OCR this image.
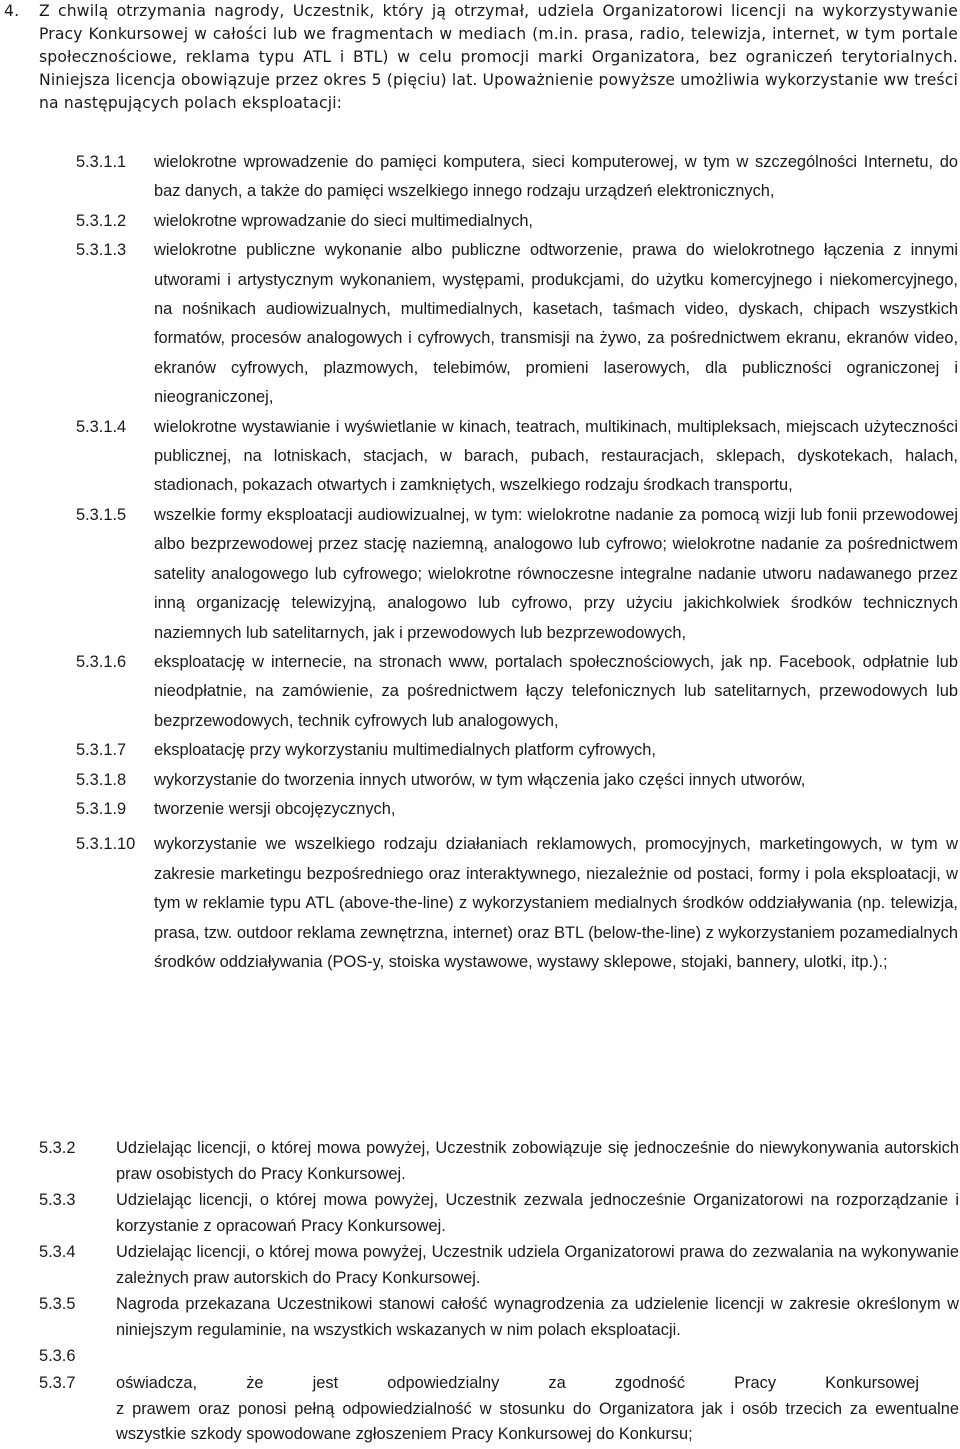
4.	Z chwilą otrzymania nagrody, Uczestnik, który ją otrzymał, udziela Organizatorowi licencji na wykorzystywanie Pracy Konkursowej w całości lub we fragmentach w mediach (m.in. prasa, radio, telewizja, internet, w tym portale społecznościowe, reklama typu ATL i BTL) w celu promocji marki Organizatora, bez ograniczeń terytorialnych. Niniejsza licencja obowiązuje przez okres 5 (pięciu) lat. Upoważnienie powyższe umożliwia wykorzystanie ww treści na następujących polach eksploatacji:
5.3.1.1 wielokrotne wprowadzenie do pamięci komputera, sieci komputerowej, w tym w szczególności Internetu, do baz danych, a także do pamięci wszelkiego innego rodzaju urządzeń elektronicznych,
5.3.1.2 wielokrotne wprowadzanie do sieci multimedialnych,
5.3.1.3 wielokrotne publiczne wykonanie albo publiczne odtworzenie, prawa do wielokrotnego łączenia z innymi utworami i artystycznym wykonaniem, występami, produkcjami, do użytku komercyjnego i niekomercyjnego, na nośnikach audiowizualnych, multimedialnych, kasetach, taśmach video, dyskach, chipach wszystkich formatów, procesów analogowych i cyfrowych, transmisji na żywo, za pośrednictwem ekranu, ekranów video, ekranów cyfrowych, plazmowych, telebimów, promieni laserowych, dla publiczności ograniczonej i nieograniczonej,
5.3.1.4 wielokrotne wystawianie i wyświetlanie w kinach, teatrach, multikinach, multipleksach, miejscach użyteczności publicznej, na lotniskach, stacjach, w barach, pubach, restauracjach, sklepach, dyskotekach, halach, stadionach, pokazach otwartych i zamkniętych, wszelkiego rodzaju środkach transportu,
5.3.1.5 wszelkie formy eksploatacji audiowizualnej, w tym: wielokrotne nadanie za pomocą wizji lub fonii przewodowej albo bezprzewodowej przez stację naziemną, analogowo lub cyfrowo; wielokrotne nadanie za pośrednictwem satelity analogowego lub cyfrowego; wielokrotne równoczesne integralne nadanie utworu nadawanego przez inną organizację telewizyjną, analogowo lub cyfrowo, przy użyciu jakichkolwiek środków technicznych naziemnych lub satelitarnych, jak i przewodowych lub bezprzewodowych,
5.3.1.6 eksploatację w internecie, na stronach www, portalach społecznościowych, jak np. Facebook, odpłatnie lub nieodpłatnie, na zamówienie, za pośrednictwem łączy telefonicznych lub satelitarnych, przewodowych lub bezprzewodowych, technik cyfrowych lub analogowych,
5.3.1.7 eksploatację przy wykorzystaniu multimedialnych platform cyfrowych,
5.3.1.8 wykorzystanie do tworzenia innych utworów, w tym włączenia jako części innych utworów,
5.3.1.9 tworzenie wersji obcojęzycznych,
5.3.1.10 wykorzystanie we wszelkiego rodzaju działaniach reklamowych, promocyjnych, marketingowych, w tym w zakresie marketingu bezpośredniego oraz interaktywnego, niezależnie od postaci, formy i pola eksploatacji, w tym w reklamie typu ATL (above-the-line) z wykorzystaniem medialnych środków oddziaływania (np. telewizja, prasa, tzw. outdoor reklama zewnętrzna, internet) oraz BTL (below-the-line) z wykorzystaniem pozamedialnych środków oddziaływania (POS-y, stoiska wystawowe, wystawy sklepowe, stojaki, bannery, ulotki, itp.).;
5.3.2 Udzielając licencji, o której mowa powyżej, Uczestnik zobowiązuje się jednocześnie do niewykonywania autorskich praw osobistych do Pracy Konkursowej.
5.3.3 Udzielając licencji, o której mowa powyżej, Uczestnik zezwala jednocześnie Organizatorowi na rozporządzanie i korzystanie z opracowań Pracy Konkursowej.
5.3.4 Udzielając licencji, o której mowa powyżej, Uczestnik udziela Organizatorowi prawa do zezwalania na wykonywanie zależnych praw autorskich do Pracy Konkursowej.
5.3.5 Nagroda przekazana Uczestnikowi stanowi całość wynagrodzenia za udzielenie licencji w zakresie określonym w niniejszym regulaminie, na wszystkich wskazanych w nim polach eksploatacji.
5.3.6
5.3.7 oświadcza, że jest odpowiedzialny za zgodność Pracy Konkursowej
z prawem oraz ponosi pełną odpowiedzialność w stosunku do Organizatora jak i osób trzecich za ewentualne wszystkie szkody spowodowane zgłoszeniem Pracy Konkursowej do Konkursu;
